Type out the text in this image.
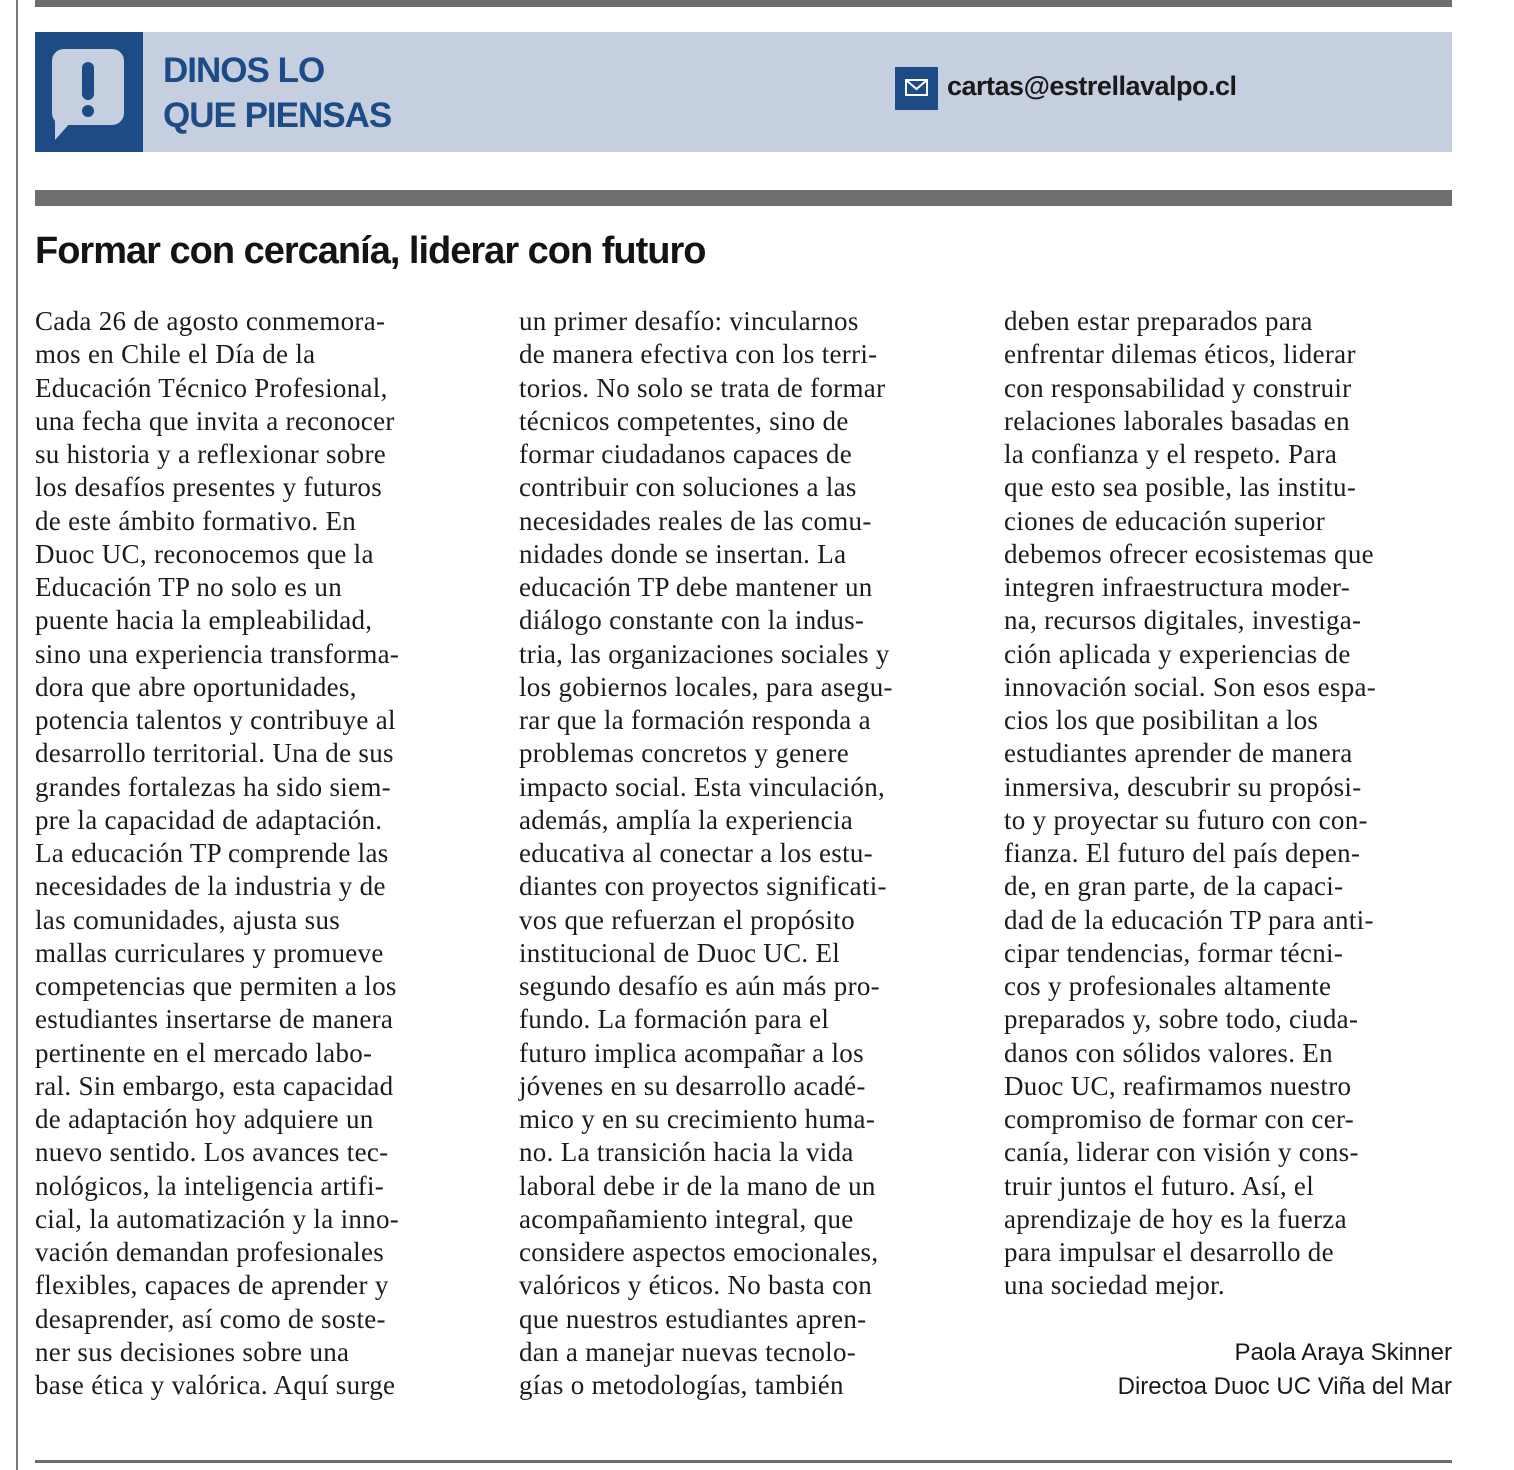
DINOS LO
QUE PIENSAS
cartas@estrellavalpo.cl
Formar con cercanía, liderar con futuro
Cada 26 de agosto conmemora-
mos en Chile el Día de la
Educación Técnico Profesional,
una fecha que invita a reconocer
su historia y a reflexionar sobre
los desafíos presentes y futuros
de este ámbito formativo. En
Duoc UC, reconocemos que la
Educación TP no solo es un
puente hacia la empleabilidad,
sino una experiencia transforma-
dora que abre oportunidades,
potencia talentos y contribuye al
desarrollo territorial. Una de sus
grandes fortalezas ha sido siem-
pre la capacidad de adaptación.
La educación TP comprende las
necesidades de la industria y de
las comunidades, ajusta sus
mallas curriculares y promueve
competencias que permiten a los
estudiantes insertarse de manera
pertinente en el mercado labo-
ral. Sin embargo, esta capacidad
de adaptación hoy adquiere un
nuevo sentido. Los avances tec-
nológicos, la inteligencia artifi-
cial, la automatización y la inno-
vación demandan profesionales
flexibles, capaces de aprender y
desaprender, así como de soste-
ner sus decisiones sobre una
base ética y valórica. Aquí surge
un primer desafío: vincularnos
de manera efectiva con los terri-
torios. No solo se trata de formar
técnicos competentes, sino de
formar ciudadanos capaces de
contribuir con soluciones a las
necesidades reales de las comu-
nidades donde se insertan. La
educación TP debe mantener un
diálogo constante con la indus-
tria, las organizaciones sociales y
los gobiernos locales, para asegu-
rar que la formación responda a
problemas concretos y genere
impacto social. Esta vinculación,
además, amplía la experiencia
educativa al conectar a los estu-
diantes con proyectos significati-
vos que refuerzan el propósito
institucional de Duoc UC. El
segundo desafío es aún más pro-
fundo. La formación para el
futuro implica acompañar a los
jóvenes en su desarrollo acadé-
mico y en su crecimiento huma-
no. La transición hacia la vida
laboral debe ir de la mano de un
acompañamiento integral, que
considere aspectos emocionales,
valóricos y éticos. No basta con
que nuestros estudiantes apren-
dan a manejar nuevas tecnolo-
gías o metodologías, también
deben estar preparados para
enfrentar dilemas éticos, liderar
con responsabilidad y construir
relaciones laborales basadas en
la confianza y el respeto. Para
que esto sea posible, las institu-
ciones de educación superior
debemos ofrecer ecosistemas que
integren infraestructura moder-
na, recursos digitales, investiga-
ción aplicada y experiencias de
innovación social. Son esos espa-
cios los que posibilitan a los
estudiantes aprender de manera
inmersiva, descubrir su propósi-
to y proyectar su futuro con con-
fianza. El futuro del país depen-
de, en gran parte, de la capaci-
dad de la educación TP para anti-
cipar tendencias, formar técni-
cos y profesionales altamente
preparados y, sobre todo, ciuda-
danos con sólidos valores. En
Duoc UC, reafirmamos nuestro
compromiso de formar con cer-
canía, liderar con visión y cons-
truir juntos el futuro. Así, el
aprendizaje de hoy es la fuerza
para impulsar el desarrollo de
una sociedad mejor.
Paola Araya Skinner
Directoa Duoc UC Viña del Mar
